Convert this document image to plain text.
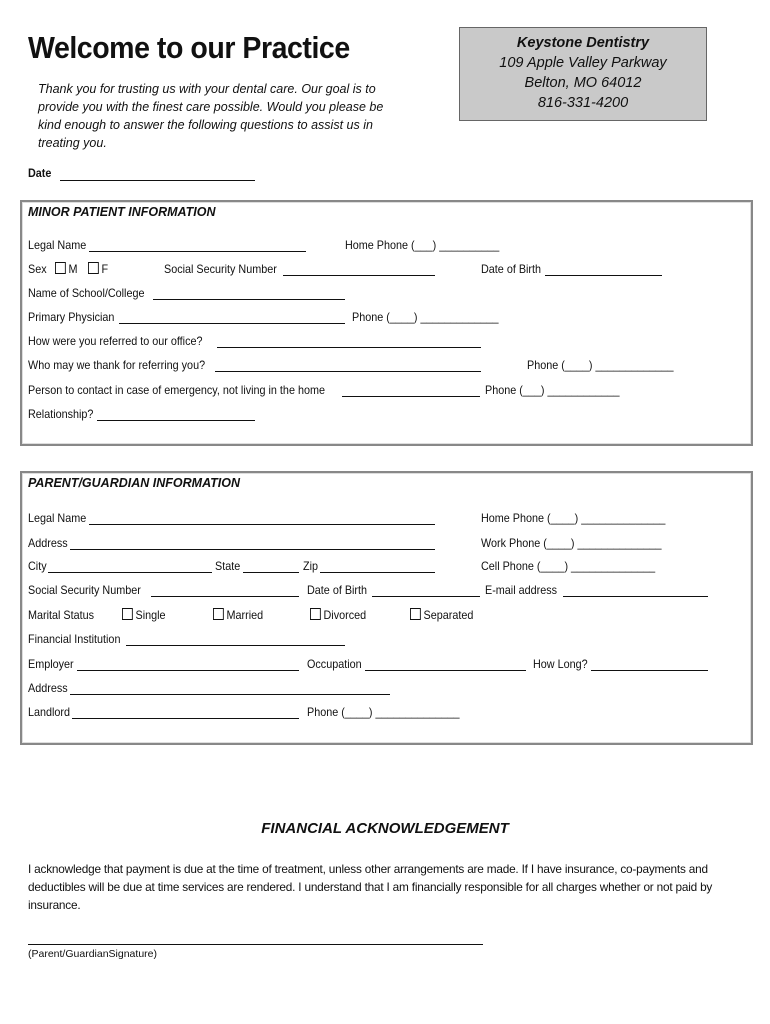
Welcome to our Practice
Thank you for trusting us with your dental care. Our goal is to provide you with the finest care possible. Would you please be kind enough to answer the following questions to assist us in treating you.
Keystone Dentistry
109 Apple Valley Parkway
Belton, MO 64012
816-331-4200
Date
MINOR PATIENT INFORMATION
Legal Name	Home Phone (___) __________
Sex	M	F	Social Security Number	Date of Birth
Name of School/College
Primary Physician	Phone (____) _____________
How were you referred to our office?
Who may we thank for referring you?	Phone (____) _____________
Person to contact in case of emergency, not living in the home	Phone (___) ____________
Relationship?
PARENT/GUARDIAN INFORMATION
Legal Name	Home Phone (____) ______________
Address	Work Phone (____) ______________
City	State	Zip	Cell Phone (____) ______________
Social Security Number	Date of Birth	E-mail address
Marital Status	Single	Married	Divorced	Separated
Financial Institution
Employer	Occupation	How Long?
Address
Landlord	Phone (____) ______________
FINANCIAL ACKNOWLEDGEMENT
I acknowledge that payment is due at the time of treatment, unless other arrangements are made. If I have insurance, co-payments and deductibles will be due at time services are rendered. I understand that I am financially responsible for all charges whether or not paid by insurance.
(Parent/GuardianSignature)
